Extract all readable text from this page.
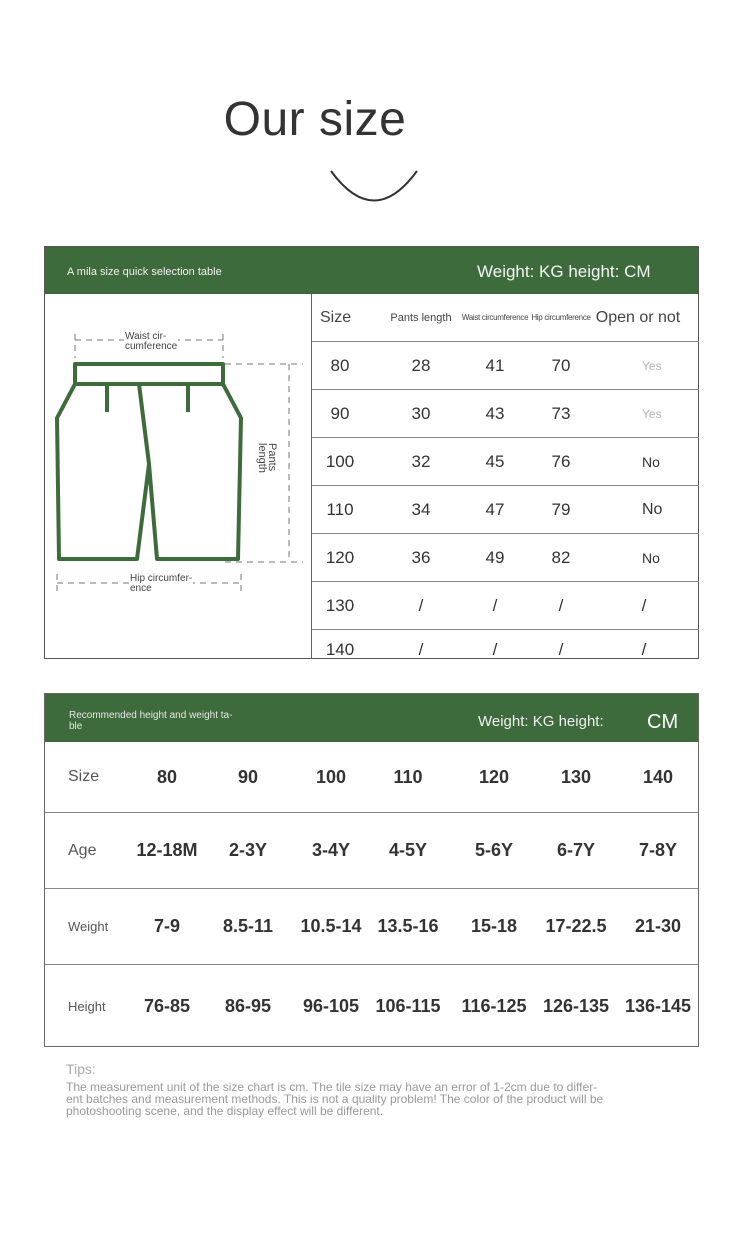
Our size
A mila size quick selection table	Weight: KG height: CM
Waist cir-
cumference
Pants
length
Hip circumfer-
ence
Size	Pants length	Waist circumference Hip circumference Open or not
80	28	41	70	Yes
90	30	43	73	Yes
100	32	45	76	No
110	34	47	79	No
120	36	49	82	No
130	/	/	/	/
140	/	/	/	/
Recommended height and weight ta-
ble	Weight: KG height: CM
Size	80	90	100	110	120	130	140
Age	12-18M	2-3Y	3-4Y	4-5Y	5-6Y	6-7Y	7-8Y
Weight	7-9	8.5-11	10.5-14 13.5-16	15-18	17-22.5	21-30
Height	76-85	86-95	96-105 106-115	116-125 126-135 136-145
Tips:
The measurement unit of the size chart is cm. The tile size may have an error of 1-2cm due to differ-ent batches and measurement methods. This is not a quality problem! The color of the product will be photoshooting scene, and the display effect will be different.
